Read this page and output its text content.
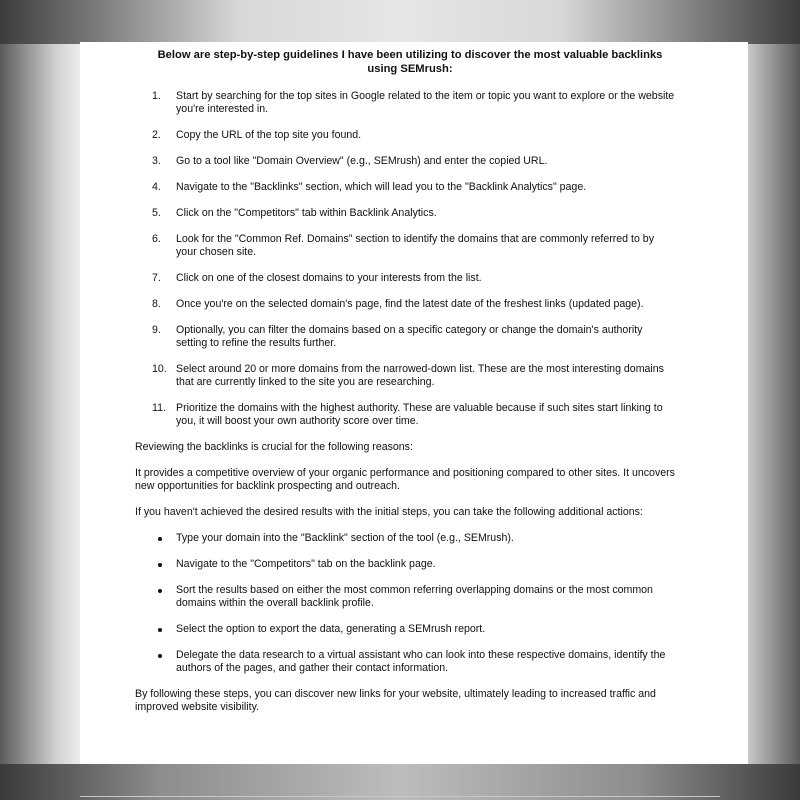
Below are step-by-step guidelines I have been utilizing to discover the most valuable backlinks using SEMrush:
1.	Start by searching for the top sites in Google related to the item or topic you want to explore or the website you're interested in.
2.	Copy the URL of the top site you found.
3.	Go to a tool like "Domain Overview" (e.g., SEMrush) and enter the copied URL.
4.	Navigate to the "Backlinks" section, which will lead you to the "Backlink Analytics" page.
5.	Click on the "Competitors" tab within Backlink Analytics.
6.	Look for the "Common Ref. Domains" section to identify the domains that are commonly referred to by your chosen site.
7.	Click on one of the closest domains to your interests from the list.
8.	Once you're on the selected domain's page, find the latest date of the freshest links (updated page).
9.	Optionally, you can filter the domains based on a specific category or change the domain's authority setting to refine the results further.
10. Select around 20 or more domains from the narrowed-down list. These are the most interesting domains that are currently linked to the site you are researching.
11. Prioritize the domains with the highest authority. These are valuable because if such sites start linking to you, it will boost your own authority score over time.

Reviewing the backlinks is crucial for the following reasons:

It provides a competitive overview of your organic performance and positioning compared to other sites. It uncovers new opportunities for backlink prospecting and outreach.

If you haven't achieved the desired results with the initial steps, you can take the following additional actions:

Type your domain into the "Backlink" section of the tool (e.g., SEMrush).
Navigate to the "Competitors" tab on the backlink page.
Sort the results based on either the most common referring overlapping domains or the most common domains within the overall backlink profile.
Select the option to export the data, generating a SEMrush report.
Delegate the data research to a virtual assistant who can look into these respective domains, identify the authors of the pages, and gather their contact information.

By following these steps, you can discover new links for your website, ultimately leading to increased traffic and improved website visibility.
